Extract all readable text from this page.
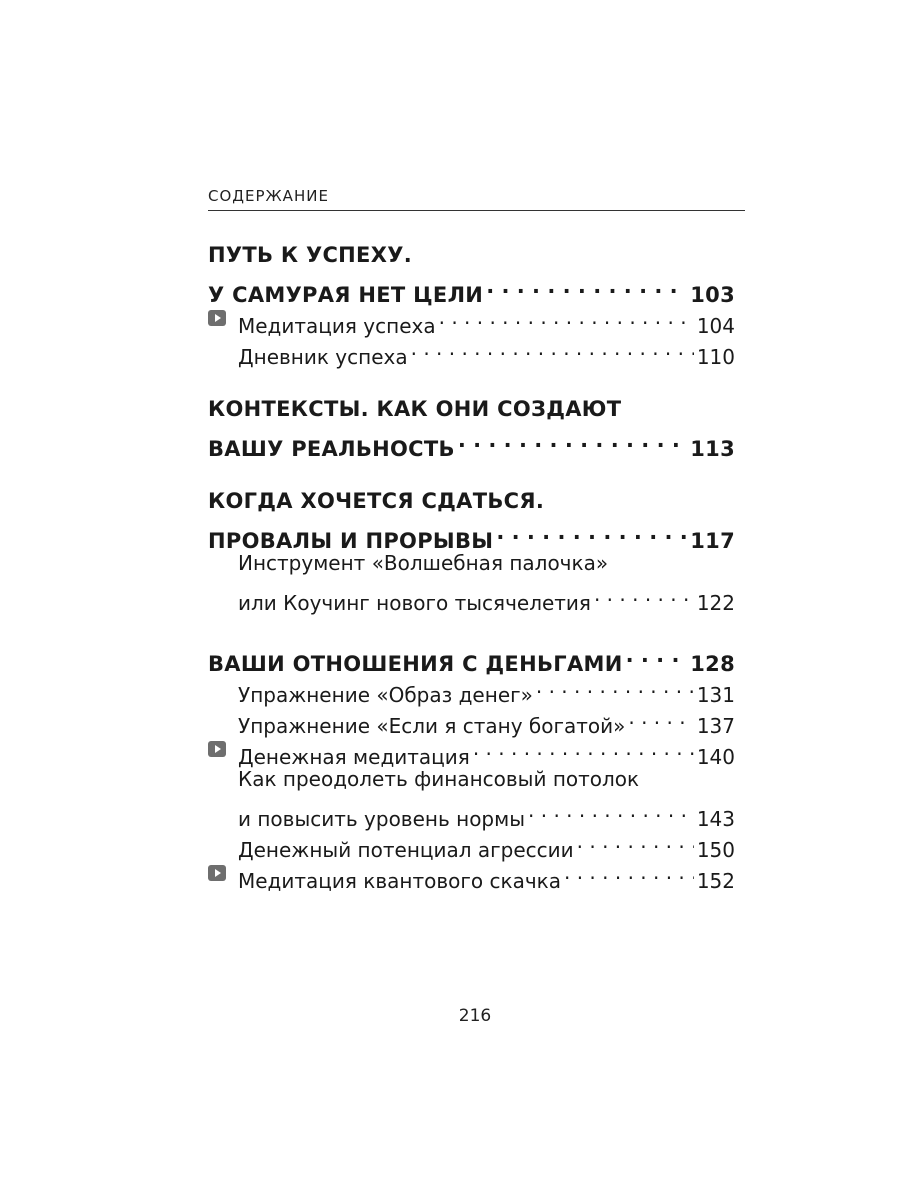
СОДЕРЖАНИЕ
ПУТЬ К УСПЕХУ.
У САМУРАЯ НЕТ ЦЕЛИ . . .	103
Медитация успеха . . .	104
Дневник успеха . . .	110
КОНТЕКСТЫ. КАК ОНИ СОЗДАЮТ
ВАШУ РЕАЛЬНОСТЬ . . .	113
КОГДА ХОЧЕТСЯ СДАТЬСЯ.
ПРОВАЛЫ И ПРОРЫВЫ . . .	117
Инструмент «Волшебная палочка»
или Коучинг нового тысячелетия . . .	122
ВАШИ ОТНОШЕНИЯ С ДЕНЬГАМИ . . .	128
Упражнение «Образ денег» . . .	131
Упражнение «Если я стану богатой» . . .	137
Денежная медитация . . .	140
Как преодолеть финансовый потолок
и повысить уровень нормы . . .	143
Денежный потенциал агрессии . . .	150
Медитация квантового скачка . . .	152
216
